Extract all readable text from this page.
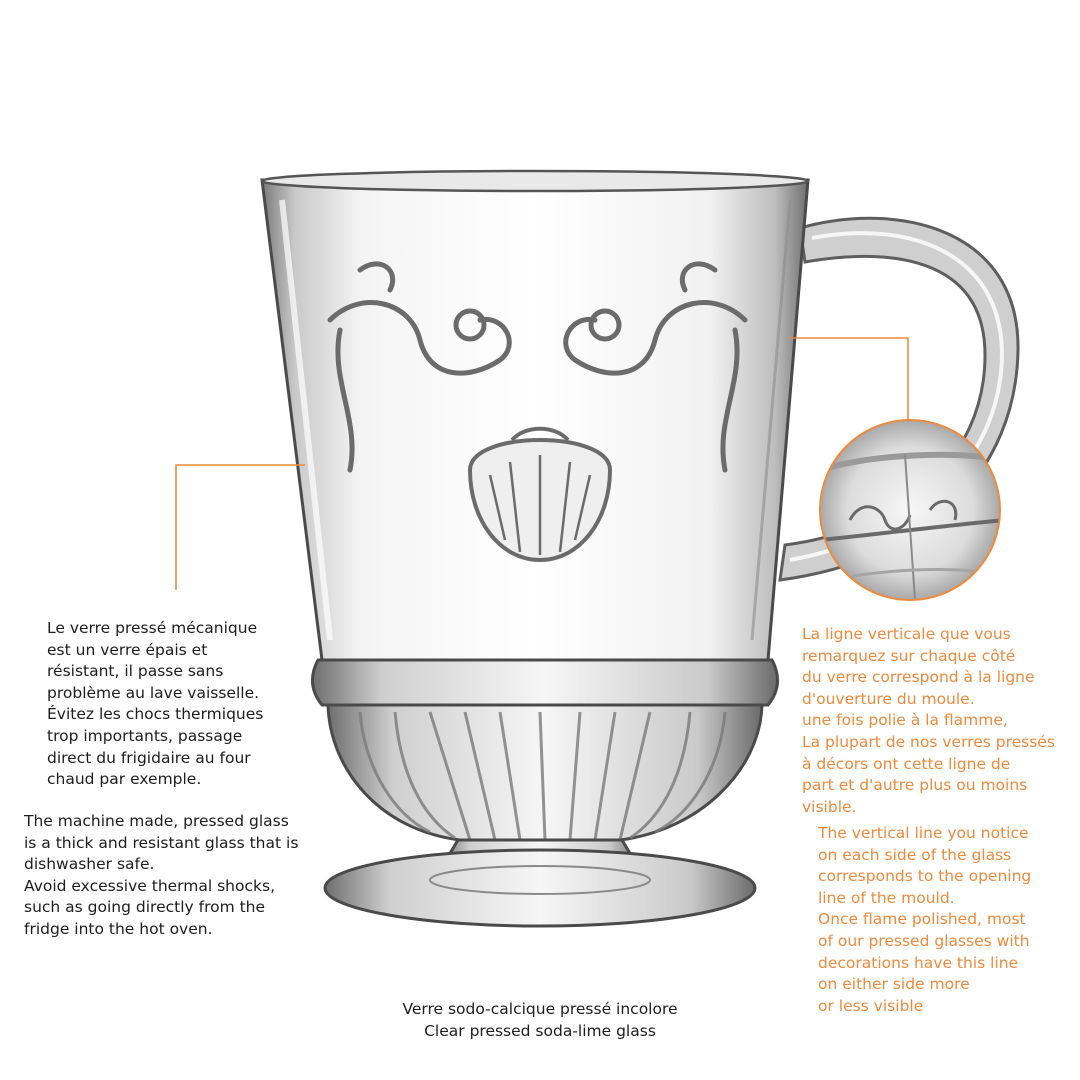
Le verre pressé mécanique
est un verre épais et
résistant, il passe sans
problème au lave vaisselle.
Évitez les chocs thermiques
trop importants, passage
direct du frigidaire au four
chaud par exemple.
The machine made, pressed glass
is a thick and resistant glass that is
dishwasher safe.
Avoid excessive thermal shocks,
such as going directly from the
fridge into the hot oven.
La ligne verticale que vous
remarquez sur chaque côté
du verre correspond à la ligne
d'ouverture du moule.
une fois polie à la flamme,
La plupart de nos verres pressés
à décors ont cette ligne de
part et d'autre plus ou moins
visible.
The vertical line you notice
on each side of the glass
corresponds to the opening
line of the mould.
Once flame polished, most
of our pressed glasses with
decorations have this line
on either side more
or less visible
Verre sodo-calcique pressé incolore
Clear pressed soda-lime glass
